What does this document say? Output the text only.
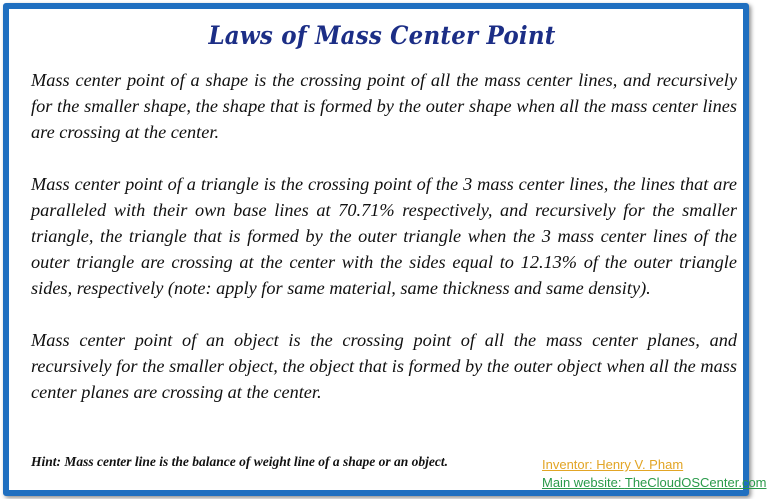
Laws of Mass Center Point

Mass center point of a shape is the crossing point of all the mass center lines, and recursively for the smaller shape, the shape that is formed by the outer shape when all the mass center lines are crossing at the center.

Mass center point of a triangle is the crossing point of the 3 mass center lines, the lines that are paralleled with their own base lines at 70.71% respectively, and recursively for the smaller triangle, the triangle that is formed by the outer triangle when the 3 mass center lines of the outer triangle are crossing at the center with the sides equal to 12.13% of the outer triangle sides, respectively (note: apply for same material, same thickness and same density).

Mass center point of an object is the crossing point of all the mass center planes, and recursively for the smaller object, the object that is formed by the outer object when all the mass center planes are crossing at the center.

Hint: Mass center line is the balance of weight line of a shape or an object.	Inventor: Henry V. Pham
Main website: TheCloudOSCenter.com
